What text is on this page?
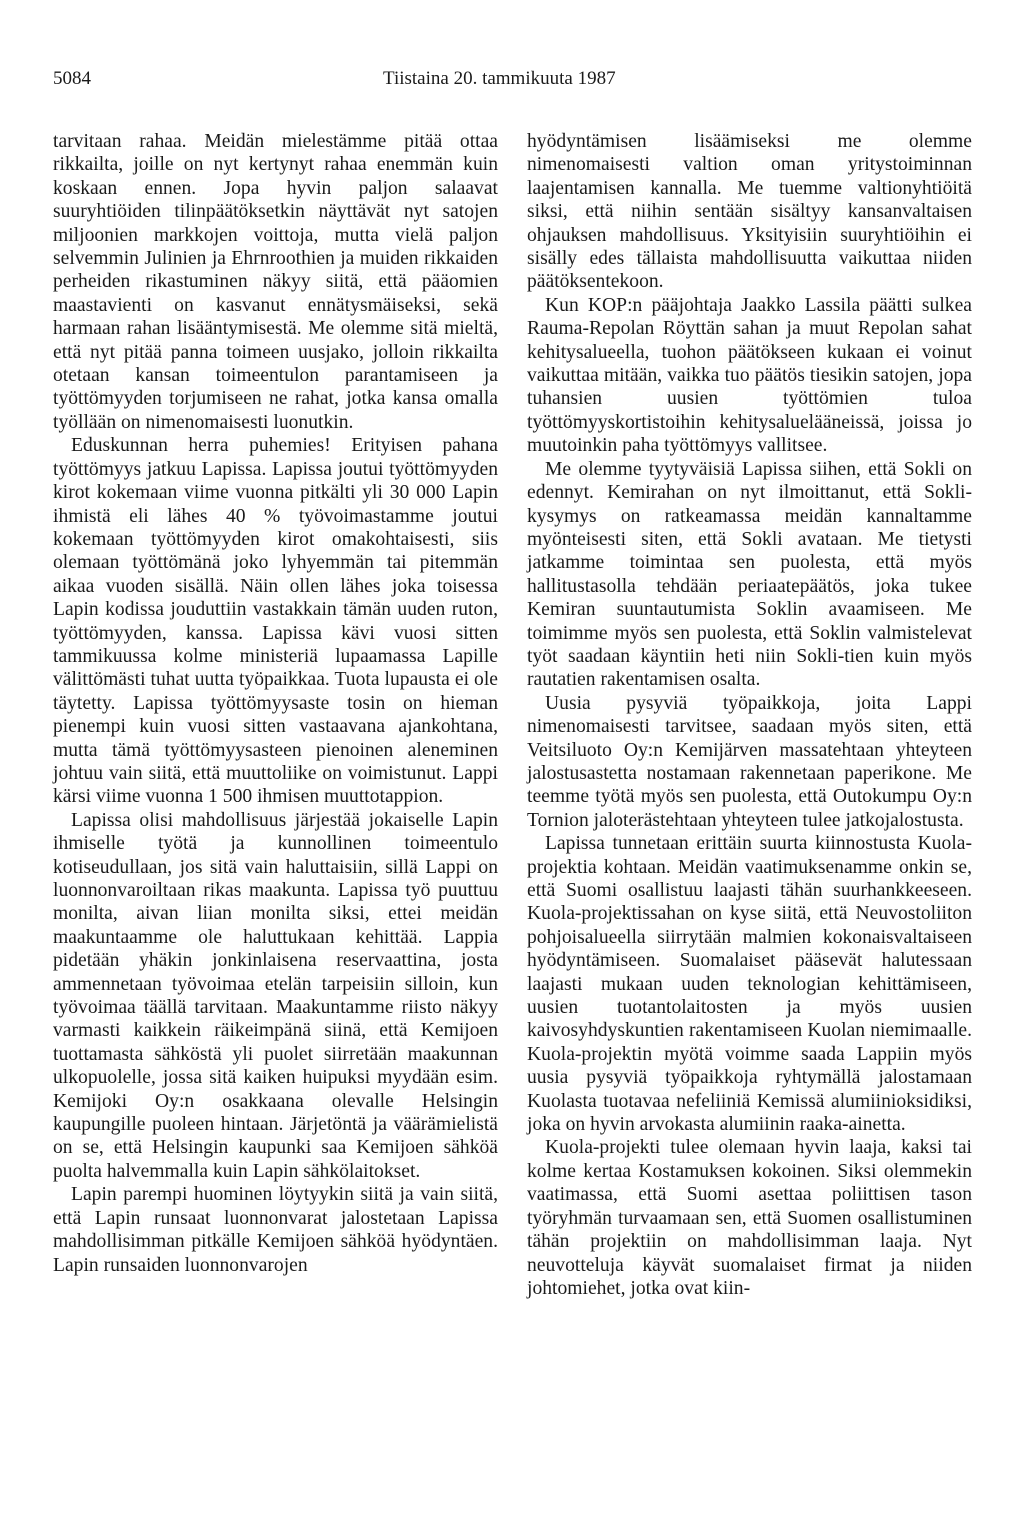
5084	Tiistaina 20. tammikuuta 1987

tarvitaan rahaa. Meidän mielestämme pitää ottaa rikkailta, joille on nyt kertynyt rahaa enemmän kuin koskaan ennen. Jopa hyvin paljon salaavat suuryhtiöiden tilinpäätöksetkin näyttävät nyt satojen miljoonien markkojen voittoja, mutta vielä paljon selvemmin Julinien ja Ehrnroothien ja muiden rikkaiden perheiden rikastuminen näkyy siitä, että pääomien maastavienti on kasvanut ennätysmäiseksi, sekä harmaan rahan lisääntymisestä. Me olemme sitä mieltä, että nyt pitää panna toimeen uusjako, jolloin rikkailta otetaan kansan toimeentulon parantamiseen ja työttömyyden torjumiseen ne rahat, jotka kansa omalla työllään on nimenomaisesti luonutkin.

Eduskunnan herra puhemies! Erityisen pahana työttömyys jatkuu Lapissa. Lapissa joutui työttömyyden kirot kokemaan viime vuonna pitkälti yli 30 000 Lapin ihmistä eli lähes 40 % työvoimastamme joutui kokemaan työttömyyden kirot omakohtaisesti, siis olemaan työttömänä joko lyhyemmän tai pitemmän aikaa vuoden sisällä. Näin ollen lähes joka toisessa Lapin kodissa jouduttiin vastakkain tämän uuden ruton, työttömyyden, kanssa. Lapissa kävi vuosi sitten tammikuussa kolme ministeriä lupaamassa Lapille välittömästi tuhat uutta työpaikkaa. Tuota lupausta ei ole täytetty. Lapissa työttömyysaste tosin on hieman pienempi kuin vuosi sitten vastaavana ajankohtana, mutta tämä työttömyysasteen pienoinen aleneminen johtuu vain siitä, että muuttoliike on voimistunut. Lappi kärsi viime vuonna 1 500 ihmisen muuttotappion.

Lapissa olisi mahdollisuus järjestää jokaiselle Lapin ihmiselle työtä ja kunnollinen toimeentulo kotiseudullaan, jos sitä vain haluttaisiin, sillä Lappi on luonnonvaroiltaan rikas maakunta. Lapissa työ puuttuu monilta, aivan liian monilta siksi, ettei meidän maakuntaamme ole haluttukaan kehittää. Lappia pidetään yhäkin jonkinlaisena reservaattina, josta ammennetaan työvoimaa etelän tarpeisiin silloin, kun työvoimaa täällä tarvitaan. Maakuntamme riisto näkyy varmasti kaikkein räikeimpänä siinä, että Kemijoen tuottamasta sähköstä yli puolet siirretään maakunnan ulkopuolelle, jossa sitä kaiken huipuksi myydään esim. Kemijoki Oy:n osakkaana olevalle Helsingin kaupungille puoleen hintaan. Järjetöntä ja väärämielistä on se, että Helsingin kaupunki saa Kemijoen sähköä puolta halvemmalla kuin Lapin sähkölaitokset.

Lapin parempi huominen löytyykin siitä ja vain siitä, että Lapin runsaat luonnonvarat jalostetaan Lapissa mahdollisimman pitkälle Kemijoen sähköä hyödyntäen. Lapin runsaiden luonnonvarojen

hyödyntämisen lisäämiseksi me olemme nimenomaisesti valtion oman yritystoiminnan laajentamisen kannalla. Me tuemme valtionyhtiöitä siksi, että niihin sentään sisältyy kansanvaltaisen ohjauksen mahdollisuus. Yksityisiin suuryhtiöihin ei sisälly edes tällaista mahdollisuutta vaikuttaa niiden päätöksentekoon.

Kun KOP:n pääjohtaja Jaakko Lassila päätti sulkea Rauma-Repolan Röyttän sahan ja muut Repolan sahat kehitysalueella, tuohon päätökseen kukaan ei voinut vaikuttaa mitään, vaikka tuo päätös tiesikin satojen, jopa tuhansien uusien työttömien tuloa työttömyyskortistoihin kehitysaluelääneissä, joissa jo muutoinkin paha työttömyys vallitsee.

Me olemme tyytyväisiä Lapissa siihen, että Sokli on edennyt. Kemirahan on nyt ilmoittanut, että Sokli-kysymys on ratkeamassa meidän kannaltamme myönteisesti siten, että Sokli avataan. Me tietysti jatkamme toimintaa sen puolesta, että myös hallitustasolla tehdään periaatepäätös, joka tukee Kemiran suuntautumista Soklin avaamiseen. Me toimimme myös sen puolesta, että Soklin valmistelevat työt saadaan käyntiin heti niin Sokli-tien kuin myös rautatien rakentamisen osalta.

Uusia pysyviä työpaikkoja, joita Lappi nimenomaisesti tarvitsee, saadaan myös siten, että Veitsiluoto Oy:n Kemijärven massatehtaan yhteyteen jalostusastetta nostamaan rakennetaan paperikone. Me teemme työtä myös sen puolesta, että Outokumpu Oy:n Tornion jaloterästehtaan yhteyteen tulee jatkojalostusta.

Lapissa tunnetaan erittäin suurta kiinnostusta Kuola-projektia kohtaan. Meidän vaatimuksenamme onkin se, että Suomi osallistuu laajasti tähän suurhankkeeseen. Kuola-projektissahan on kyse siitä, että Neuvostoliiton pohjoisalueella siirrytään malmien kokonaisvaltaiseen hyödyntämiseen. Suomalaiset pääsevät halutessaan laajasti mukaan uuden teknologian kehittämiseen, uusien tuotantolaitosten ja myös uusien kaivosyhdyskuntien rakentamiseen Kuolan niemimaalle. Kuola-projektin myötä voimme saada Lappiin myös uusia pysyviä työpaikkoja ryhtymällä jalostamaan Kuolasta tuotavaa nefeliiniä Kemissä alumiinioksidiksi, joka on hyvin arvokasta alumiinin raaka-ainetta.

Kuola-projekti tulee olemaan hyvin laaja, kaksi tai kolme kertaa Kostamuksen kokoinen. Siksi olemmekin vaatimassa, että Suomi asettaa poliittisen tason työryhmän turvaamaan sen, että Suomen osallistuminen tähän projektiin on mahdollisimman laaja. Nyt neuvotteluja käyvät suomalaiset firmat ja niiden johtomiehet, jotka ovat kiin-
